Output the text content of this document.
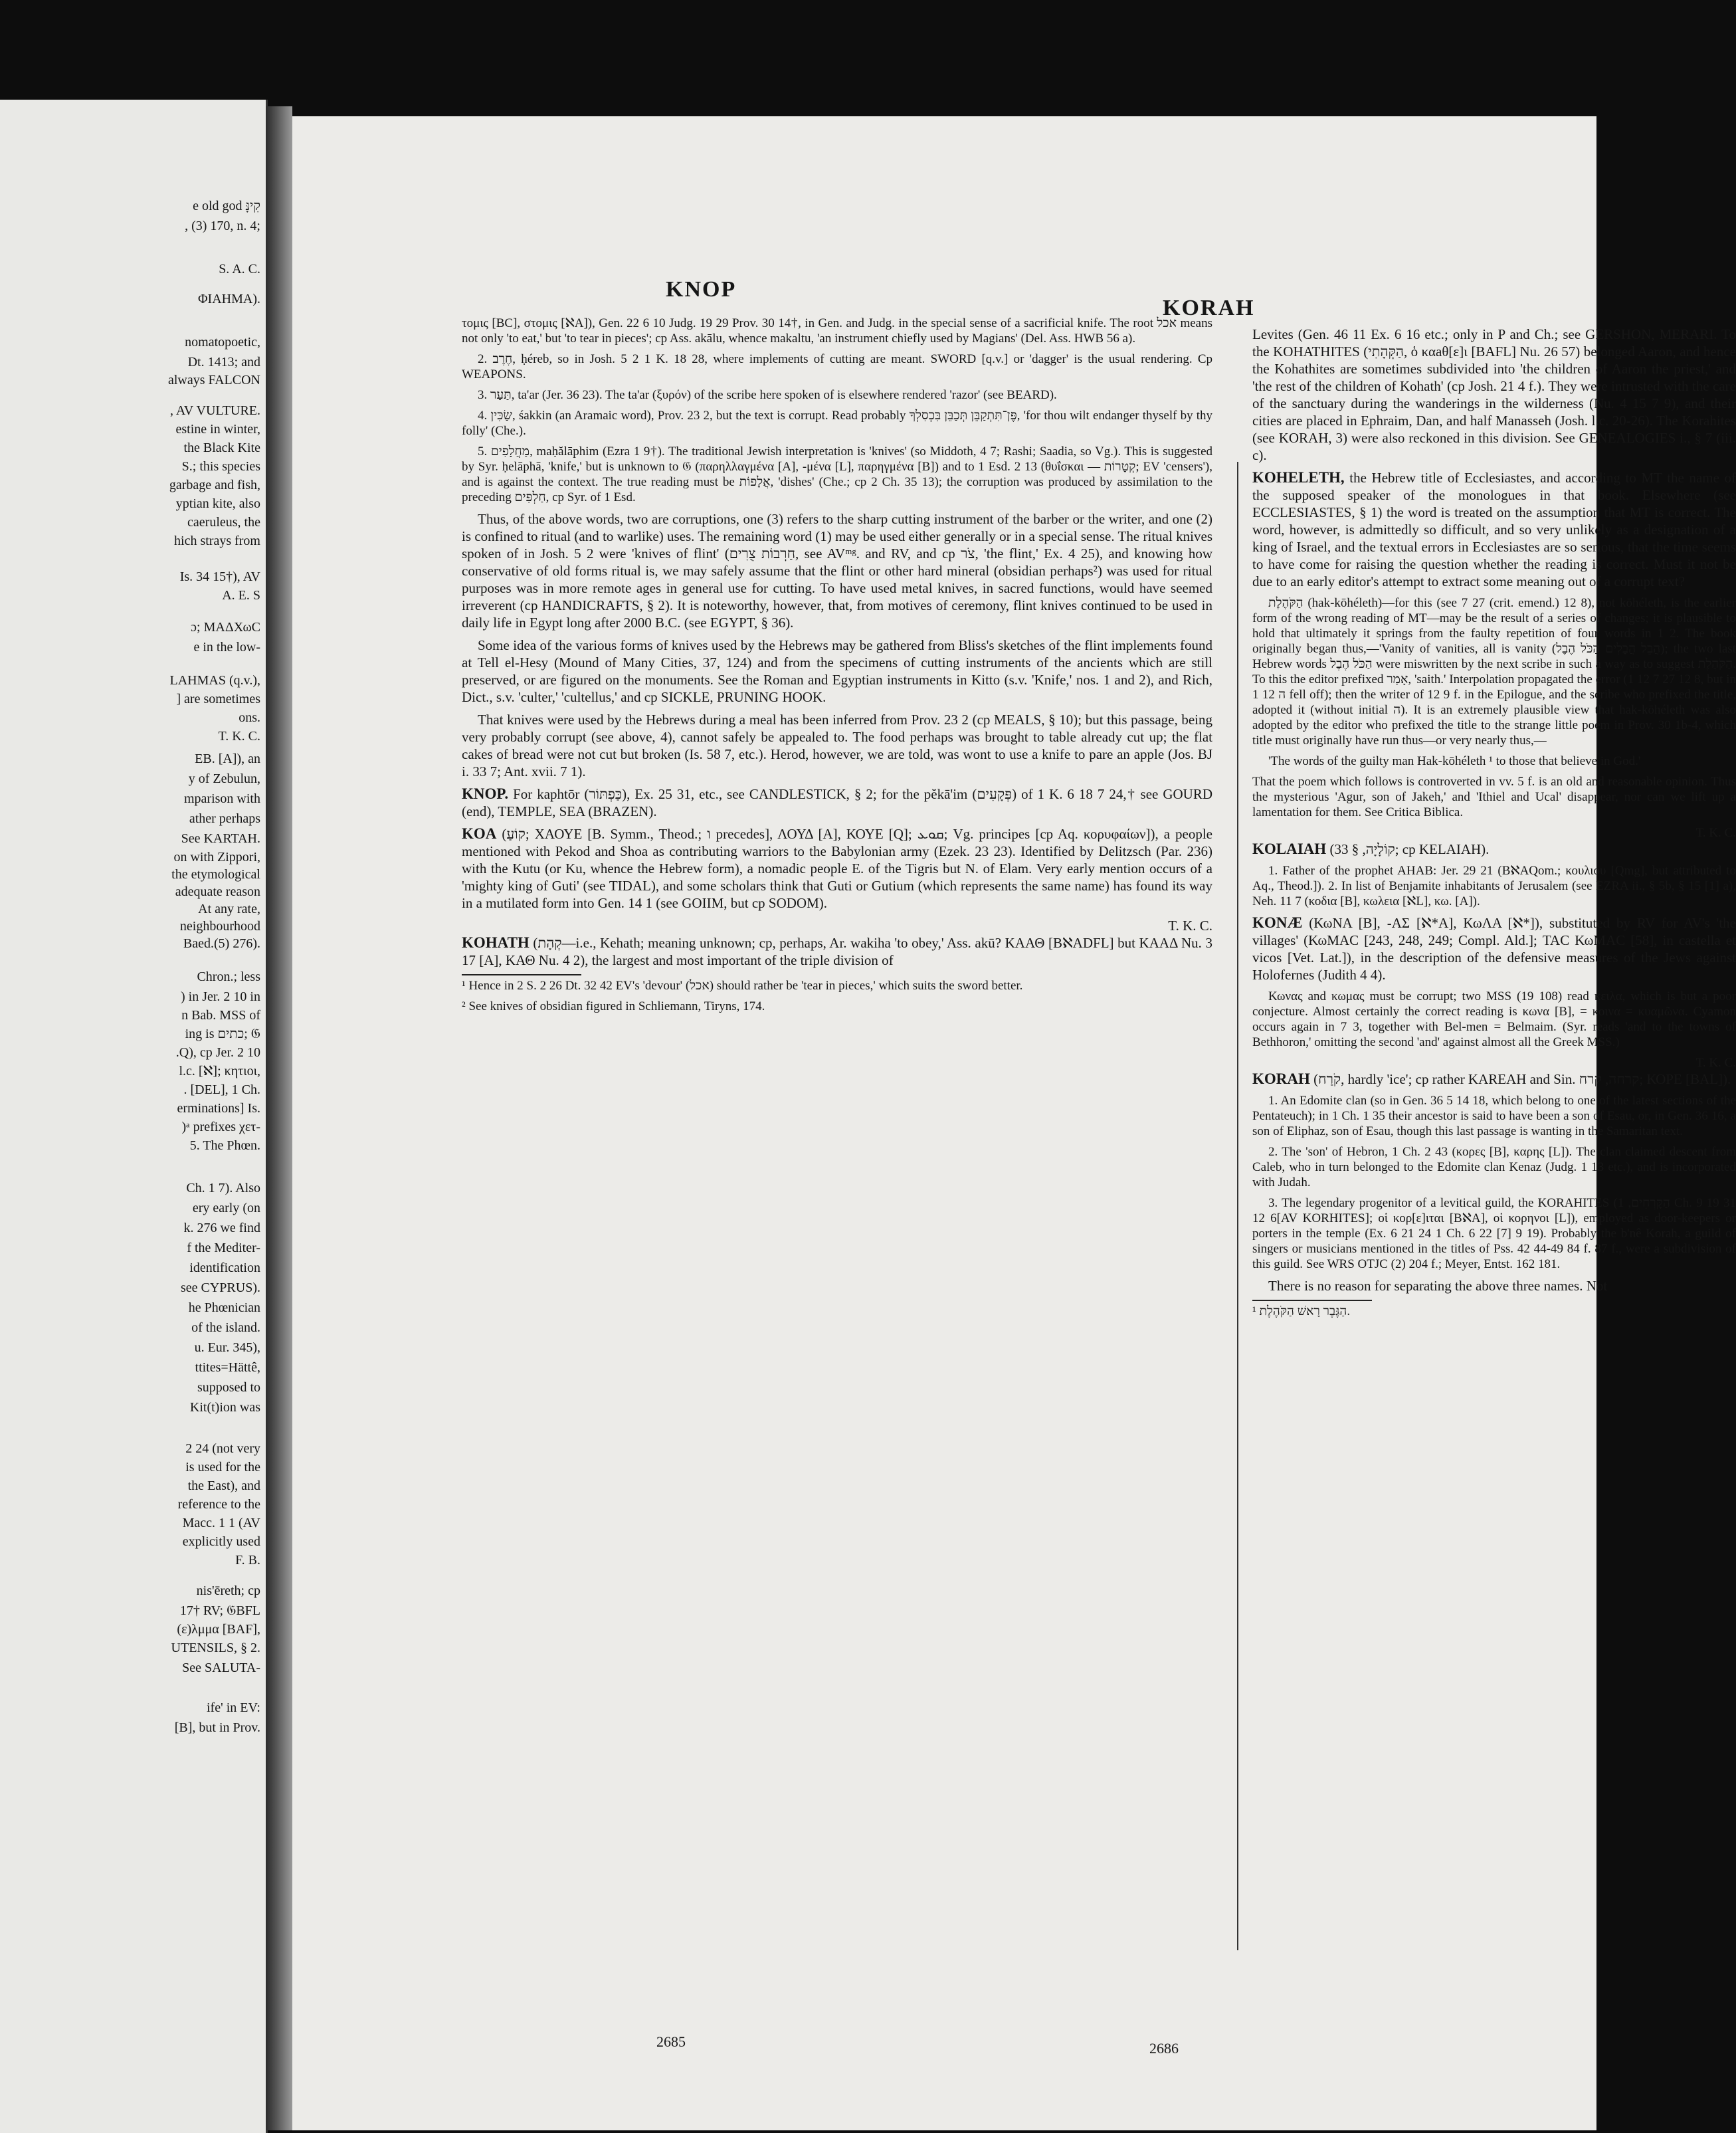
e old god קִינָּ
, (3) 170, n. 4;
S. A. C.
ΦΙΑΗΜΑ).
nomatopoetic,
Dt. 1413; and
always FALCON
, AV VULTURE.
estine in winter,
the Black Kite
S.; this species
garbage and fish,
yptian kite, also
caeruleus, the
hich strays from
Is. 34 15†), AV
A. E. S
ɔ; ΜΑΔΧωC
e in the low-
LAHMAS (q.v.),
] are sometimes
ons.
T. K. C.
ΕΒ. [A]), an
y of Zebulun,
mparison with
ather perhaps
See KARTAH.
on with Zippori,
the etymological
adequate reason
At any rate,
neighbourhood
Baed.(5) 276).
Chron.; less
) in Jer. 2 10 in
n Bab. MSS of
ing is כתים; 𝔊
.Q), cp Jer. 2 10
l.c. [ℵ]; κητιοι,
. [DEL], 1 Ch.
erminations] Is.
)ᵃ prefixes χετ-
5. The Phœn.
Ch. 1 7). Also
ery early (on
k. 276 we find
f the Mediter-
identification
see CYPRUS).
he Phœnician
of the island.
u. Eur. 345),
ttites=Hättê,
supposed to
Kit(t)ion was
2 24 (not very
is used for the
the East), and
reference to the
Macc. 1 1 (AV
explicitly used
F. B.
nis'ēreth; cp
17† RV; 𝔊BFL
(ε)λμμα [BAF],
UTENSILS, § 2.
See SALUTA-
ife' in EV:
[B], but in Prov.
KNOP
KORAH

τομις [BC], στομις [ℵA]), Gen. 22 6 10 Judg. 19 29 Prov. 30 14†, in Gen. and Judg. in the special sense of a sacrificial knife. The root אכל means not only 'to eat,' but 'to tear in pieces'; cp Ass. akālu, whence makaltu, 'an instrument chiefly used by Magians' (Del. Ass. HWB 56 a).

2. חֶרֶב, ḥéreb, so in Josh. 5 2 1 K. 18 28, where implements of cutting are meant. SWORD [q.v.] or 'dagger' is the usual rendering. Cp WEAPONS.

3. תַּעַר, ta'ar (Jer. 36 23). The ta'ar (ξυρόν) of the scribe here spoken of is elsewhere rendered 'razor' (see BEARD).

4. שַׂכִּין, śakkin (an Aramaic word), Prov. 23 2, but the text is corrupt. Read probably פֶּן־תִּתְקַבֵּן תְּכַבֵּן בִּכְסִלְךָ, 'for thou wilt endanger thyself by thy folly' (Che.).

5. מַחֲלָפִים, maḥălāphim (Ezra 1 9†). The traditional Jewish interpretation is 'knives' (so Middoth, 4 7; Rashi; Saadia, so Vg.). This is suggested by Syr. ḥelāphā, 'knife,' but is unknown to 𝔊 (παρηλλαγμένα [A], -μένα [L], παρηγμένα [B]) and to 1 Esd. 2 13 (θυΐσκαι — קְטָרוֹת; EV 'censers'), and is against the context. The true reading must be אֲלָפוֹת, 'dishes' (Che.; cp 2 Ch. 35 13); the corruption was produced by assimilation to the preceding חַלְפִּים, cp Syr. of 1 Esd.

Thus, of the above words, two are corruptions, one (3) refers to the sharp cutting instrument of the barber or the writer, and one (2) is confined to ritual (and to warlike) uses. The remaining word (1) may be used either generally or in a special sense. The ritual knives spoken of in Josh. 5 2 were 'knives of flint' (חַרְבוֹת צֻרִים, see AVᵐᵍ. and RV, and cp צֹר, 'the flint,' Ex. 4 25), and knowing how conservative of old forms ritual is, we may safely assume that the flint or other hard mineral (obsidian perhaps²) was used for ritual purposes was in more remote ages in general use for cutting. To have used metal knives, in sacred functions, would have seemed irreverent (cp HANDICRAFTS, § 2). It is noteworthy, however, that, from motives of ceremony, flint knives continued to be used in daily life in Egypt long after 2000 B.C. (see EGYPT, § 36).

Some idea of the various forms of knives used by the Hebrews may be gathered from Bliss's sketches of the flint implements found at Tell el-Hesy (Mound of Many Cities, 37, 124) and from the specimens of cutting instruments of the ancients which are still preserved, or are figured on the monuments. See the Roman and Egyptian instruments in Kitto (s.v. 'Knife,' nos. 1 and 2), and Rich, Dict., s.v. 'culter,' 'cultellus,' and cp SICKLE, PRUNING HOOK.

That knives were used by the Hebrews during a meal has been inferred from Prov. 23 2 (cp MEALS, § 10); but this passage, being very probably corrupt (see above, 4), cannot safely be appealed to. The food perhaps was brought to table already cut up; the flat cakes of bread were not cut but broken (Is. 58 7, etc.). Herod, however, we are told, was wont to use a knife to pare an apple (Jos. BJ i. 33 7; Ant. xvii. 7 1).

KNOP. For kaphtōr (כַּפְתּוֹר), Ex. 25 31, etc., see CANDLESTICK, § 2; for the pĕkā'im (פְּקָעִים) of 1 K. 6 18 7 24,† see GOURD (end), TEMPLE, SEA (BRAZEN).

KOA (קוֹעַ; ΧΑΟΥΕ [B. Symm., Theod.; ו precedes], ΛΟΥΔ [A], ΚΟΥΕ [Q]; ܩܘܥ; Vg. principes [cp Aq. κορυφαίων]), a people mentioned with Pekod and Shoa as contributing warriors to the Babylonian army (Ezek. 23 23). Identified by Delitzsch (Par. 236) with the Kutu (or Ku, whence the Hebrew form), a nomadic people E. of the Tigris but N. of Elam. Very early mention occurs of a 'mighty king of Guti' (see TIDAL), and some scholars think that Guti or Gutium (which represents the same name) has found its way in a mutilated form into Gen. 14 1 (see GOIIM, but cp SODOM).

T. K. C.

KOHATH (קְהָת—i.e., Kehath; meaning unknown; cp, perhaps, Ar. wakiha 'to obey,' Ass. akū? ΚΑΑΘ [BℵADFL] but ΚΑΑΔ Nu. 3 17 [A], ΚΑΘ Nu. 4 2), the largest and most important of the triple division of

¹ Hence in 2 S. 2 26 Dt. 32 42 EV's 'devour' (אכל) should rather be 'tear in pieces,' which suits the sword better.

² See knives of obsidian figured in Schliemann, Tiryns, 174.

Levites (Gen. 46 11 Ex. 6 16 etc.; only in P and Ch.; see GERSHON, MERARI. To the KOHATHITES (הַקְּהָתִי, ὁ καaθ[ε]ι [BAFL] Nu. 26 57) belonged Aaron, and hence the Kohathites are sometimes subdivided into 'the children of Aaron the priest,' and 'the rest of the children of Kohath' (cp Josh. 21 4 f.). They were intrusted with the care of the sanctuary during the wanderings in the wilderness (Nu. 4 15 7 9), and their cities are placed in Ephraim, Dan, and half Manasseh (Josh. l.c. 20-26). The Korahites (see KORAH, 3) were also reckoned in this division. See GENEALOGIES i., § 7 (iii. c).

KOHELETH, the Hebrew title of Ecclesiastes, and according to MT the name of the supposed speaker of the monologues in that book. Elsewhere (see ECCLESIASTES, § 1) the word is treated on the assumption that MT is correct. The word, however, is admittedly so difficult, and so very unlikely as a designation of a king of Israel, and the textual errors in Ecclesiastes are so serious, that the time seems to have come for raising the question whether the reading is correct. Must it not be due to an early editor's attempt to extract some meaning out of a corrupt text?

הַקֹּהֶלֶת (hak-kōhéleth)—for this (see 7 27 (crit. emend.) 12 8), not kōhéleth, is the earlier form of the wrong reading of MT—may be the result of a series of changes; it is plausible to hold that ultimately it springs from the faulty repetition of four words in 1 2. The book originally began thus,—'Vanity of vanities, all is vanity (הֲבֵל הֲבָלִים הַכֹּל הֶבֶל); the two last Hebrew words הַכֹּל הֶבֶל were miswritten by the next scribe in such a way as to suggest הַקֹּהֶלֶת. To this the editor prefixed אָמַר, 'saith.' Interpolation propagated the error (1 12 7 27 12 8, but in 1 12 ה fell off); then the writer of 12 9 f. in the Epilogue, and the scribe who prefixed the title, adopted it (without initial ה). It is an extremely plausible view that hak-kōhéleth was also adopted by the editor who prefixed the title to the strange little poem in Prov. 30 1b-4, which title must originally have run thus—or very nearly thus,—

'The words of the guilty man Hak-kōhéleth ¹ to those that believe in God.'

That the poem which follows is controverted in vv. 5 f. is an old and reasonable opinion. Thus the mysterious 'Agur, son of Jakeh,' and 'Ithiel and Ucal' disappear, nor can we lift up a lamentation for them. See Critica Biblica.

T. K. C.

KOLAIAH (קוֹלָיָה, § 33; cp KELAIAH).

1. Father of the prophet AHAB: Jer. 29 21 (BℵAQom.; κουλιου [Qmg], but attributed to Aq., Theod.]). 2. In list of Benjamite inhabitants of Jerusalem (see EZRA ii., § 5b, § 15 [1] a), Neh. 11 7 (κοδια [B], κωλεια [ℵL], κω. [A]).

KONÆ (ΚωΝΑ [B], -ΑΣ [ℵ*A], ΚωΛΑ [ℵ*]), substituted by RV for AV's 'the villages' (ΚωΜΑC [243, 248, 249; Compl. Ald.]; ΤΑC ΚωΜΑC [58], in castella et vicos [Vet. Lat.]), in the description of the defensive measures of the Jews against Holofernes (Judith 4 4).

Κωνας and κωμας must be corrupt; two MSS (19 108) read κειλα, which is but a poor conjecture. Almost certainly the correct reading is κωνα [B], = κοινα = κυαμῶνα. Cyamon occurs again in 7 3, together with Bel-men = Belmaim. (Syr. reads 'and to the towns of Bethhoron,' omitting the second 'and' against almost all the Greek MSS.)

T. K. C.

KORAH (קֹרַח, hardly 'ice'; cp rather KAREAH and Sin. קרחה, קרח; ΚΟΡΕ [BAL]).

1. An Edomite clan (so in Gen. 36 5 14 18, which belong to one of the latest sections of the Pentateuch); in 1 Ch. 1 35 their ancestor is said to have been a son of Esau, or, in Gen. 36 16, a son of Eliphaz, son of Esau, though this last passage is wanting in the Samaritan text.

2. The 'son' of Hebron, 1 Ch. 2 43 (κορες [B], καρης [L]). The clan claimed descent from Caleb, who in turn belonged to the Edomite clan Kenaz (Judg. 1 13 etc.), and is incorporated with Judah.

3. The legendary progenitor of a levitical guild, the KORAHITES (הַקָּרְחִים, 1 Ch. 9 19 31 12 6[AV KORHITES]; οἱ κορ[ε]ιται [BℵA], οἱ κορηνοι [L]), employed as door-keepers or porters in the temple (Ex. 6 21 24 1 Ch. 6 22 [7] 9 19). Probably the b'nê Korah, a guild of singers or musicians mentioned in the titles of Pss. 42 44-49 84 f. 87 f., were a subdivision of this guild. See WRS OTJC (2) 204 f.; Meyer, Entst. 162 181.

There is no reason for separating the above three names. Not

¹ הַגֶּבֶר רָאשׁ הַקֹּהֶלֶת.
2685	2686
